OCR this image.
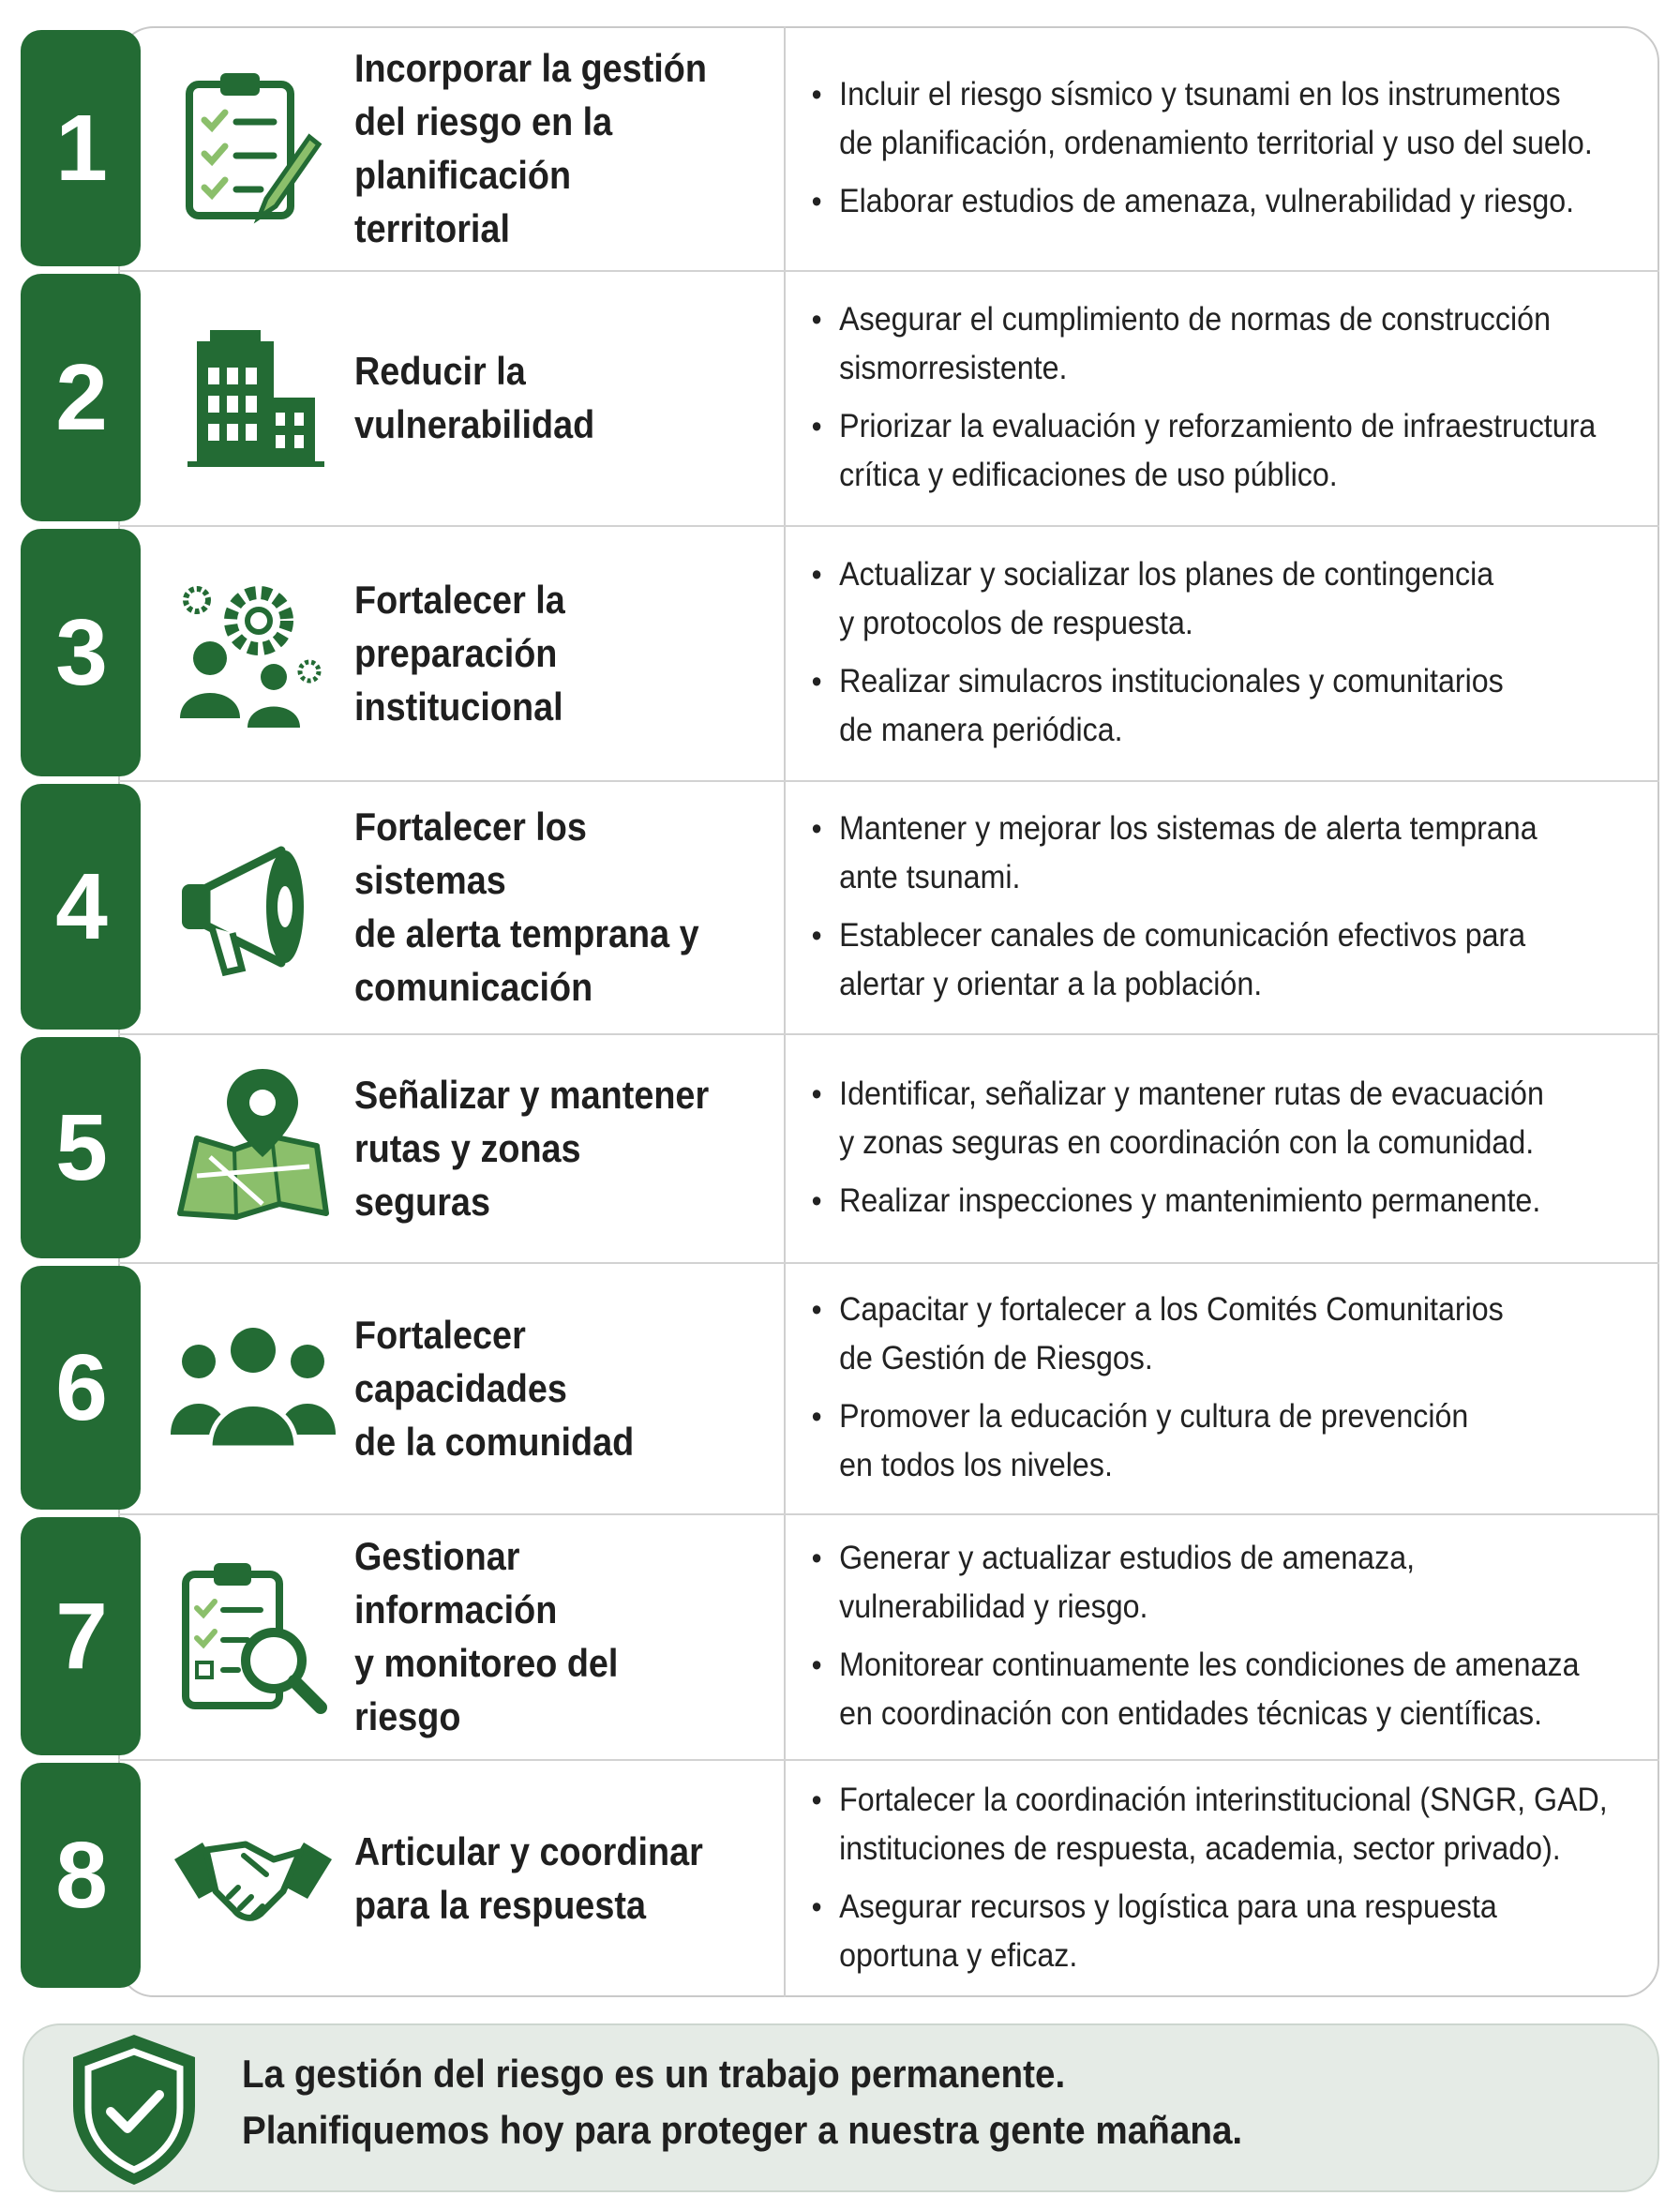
1
Incorporar la gestión
del riesgo en la
planificación territorial
• Incluir el riesgo sísmico y tsunami en los instrumentos
de planificación, ordenamiento territorial y uso del suelo.
• Elaborar estudios de amenaza, vulnerabilidad y riesgo.
2	Reducir la
vulnerabilidad
• Asegurar el cumplimiento de normas de construcción
sismorresistente.
• Priorizar la evaluación y reforzamiento de infraestructura
crítica y edificaciones de uso público.
3
Fortalecer la
preparación
institucional
• Actualizar y socializar los planes de contingencia
y protocolos de respuesta.
• Realizar simulacros institucionales y comunitarios
de manera periódica.
4
Fortalecer los sistemas
de alerta temprana y
comunicación
• Mantener y mejorar los sistemas de alerta temprana
ante tsunami.
• Establecer canales de comunicación efectivos para
alertar y orientar a la población.
5
Señalizar y mantener
rutas y zonas
seguras
• Identificar, señalizar y mantener rutas de evacuación
y zonas seguras en coordinación con la comunidad.
• Realizar inspecciones y mantenimiento permanente.
6
Fortalecer capacidades
de la comunidad
• Capacitar y fortalecer a los Comités Comunitarios
de Gestión de Riesgos.
• Promover la educación y cultura de prevención
en todos los niveles.
7
Gestionar información
y monitoreo del riesgo
• Generar y actualizar estudios de amenaza,
vulnerabilidad y riesgo.
• Monitorear continuamente les condiciones de amenaza
en coordinación con entidades técnicas y científicas.
8	Articular y coordinar
para la respuesta
• Fortalecer la coordinación interinstitucional (SNGR, GAD,
instituciones de respuesta, academia, sector privado).
• Asegurar recursos y logística para una respuesta
oportuna y eficaz.
La gestión del riesgo es un trabajo permanente.
Planifiquemos hoy para proteger a nuestra gente mañana.
